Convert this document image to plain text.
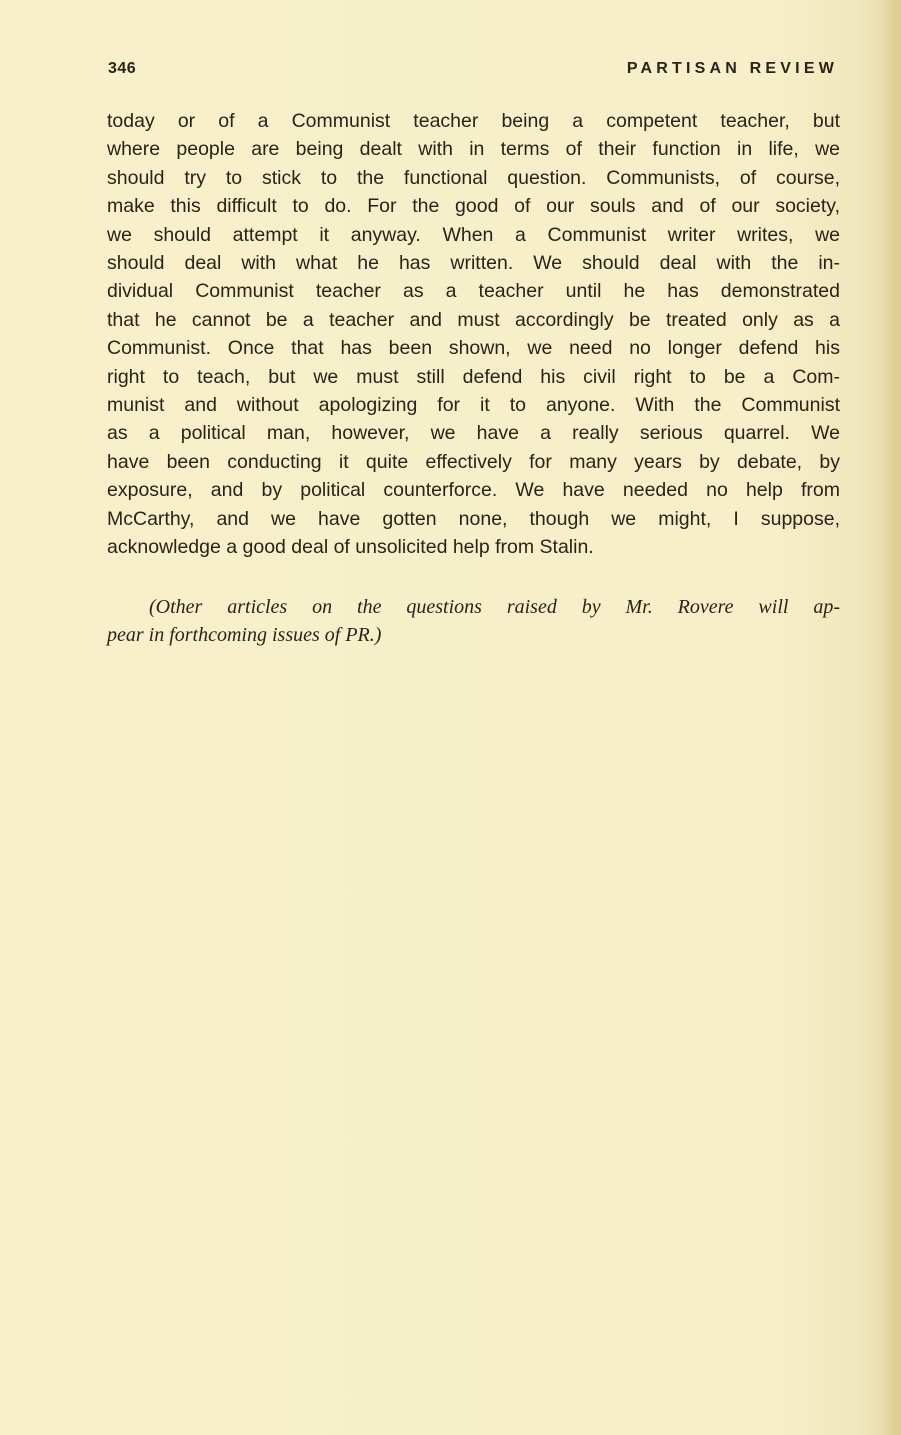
346	PARTISAN REVIEW
today or of a Communist teacher being a competent teacher, but
where people are being dealt with in terms of their function in life, we
should try to stick to the functional question. Communists, of course,
make this difficult to do. For the good of our souls and of our society,
we should attempt it anyway. When a Communist writer writes, we
should deal with what he has written. We should deal with the in-
dividual Communist teacher as a teacher until he has demonstrated
that he cannot be a teacher and must accordingly be treated only as a
Communist. Once that has been shown, we need no longer defend his
right to teach, but we must still defend his civil right to be a Com-
munist and without apologizing for it to anyone. With the Communist
as a political man, however, we have a really serious quarrel. We
have been conducting it quite effectively for many years by debate, by
exposure, and by political counterforce. We have needed no help from
McCarthy, and we have gotten none, though we might, I suppose,
acknowledge a good deal of unsolicited help from Stalin.
(Other articles on the questions raised by Mr. Rovere will ap-
pear in forthcoming issues of PR.)
